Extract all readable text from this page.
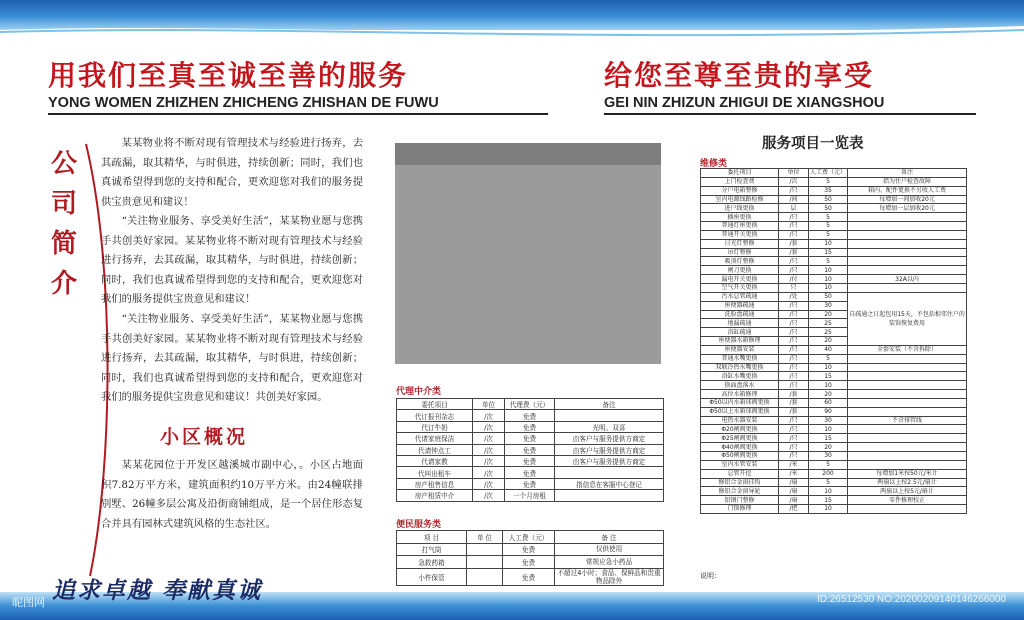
用我们至真至诚至善的服务	给您至尊至贵的享受
YONG WOMEN ZHIZHEN ZHICHENG ZHISHAN DE FUWU	GEI NIN ZHIZUN ZHIGUI DE XIANGSHOU
公
司
简
介
某某物业将不断对现有管理技术与经验进行扬弃，去其疏漏，取其精华，与时俱进，持续创新；同时，我们也真诚希望得到您的支持和配合，更欢迎您对我们的服务提供宝贵意见和建议！
“关注物业服务、享受美好生活”，某某物业愿与您携手共创美好家园。某某物业将不断对现有管理技术与经验进行扬弃，去其疏漏，取其精华，与时俱进，持续创新；同时，我们也真诚希望得到您的支持和配合，更欢迎您对我们的服务提供宝贵意见和建议！
“关注物业服务、享受美好生活”，某某物业愿与您携手共创美好家园。某某物业将不断对现有管理技术与经验进行扬弃，去其疏漏，取其精华，与时俱进，持续创新；同时，我们也真诚希望得到您的支持和配合，更欢迎您对我们的服务提供宝贵意见和建议！共创美好家园。
小区概况
某某花园位于开发区越溪城市副中心，。小区占地面积7.82万平方米，建筑面积约10万平方米。由24幢联排别墅、26幢多层公寓及沿街商铺组成，是一个居住形态复合并具有园林式建筑风格的生态社区。
代理中介类
委托项目	单位	代理费（元）	备注
代订报刊杂志	/次	免费	
代订牛奶	/次	免费	光明、双喜
代请家庭保洁	/次	免费	由客户与服务提供方商定
代请钟点工	/次	免费	由客户与服务提供方商定
代请家教	/次	免费	由客户与服务提供方商定
代叫出租车	/次	免费	
房产租售信息	/次	免费	指信息在客服中心登记
房产租赁中介	/次	一个月房租	
便民服务类
项 目	单 位	人工费（元）	备 注
打气筒		免费	仅供使用
急救药箱		免费	常规应急小药品
小件保管		免费	不超过4小时；食品、保鲜品和贵重物品除外
服务项目一览表
维修类
委托项目	单位	人工费（元）	备注
上门检查费	/次	5	指为住户检查故障
分户电箱整修	/只	35	箱内、配件更换不另收人工费
室内电源线路检修	/间	50	每增加一间加收20元
进户线更换	层	50	每增加一层加收20元
插座更换	/只	5	
普通灯座更换	/只	5	
普通开关更换	/只	5	
日光灯整修	/套	10	
吊灯整修	/套	15	
吸顶灯整修	/只	5	
闸刀更换	/只	10	
漏电开关更换	/付	10	32A以内
空气开关更换	只	10	
污水总管疏通	/处	50	自疏通之日起包用15天，不包括相邻住户的装饰恢复费用
座便器疏通	/只	30	
洗脸盘疏通	/只	20	
地漏疏通	/只	25	
浴缸疏通	/只	25	
座便器水箱修理	/只	20	
座便器安装	/只	40	全套安装（不含拆除）
普通水嘴更换	/只	5	
双联冷热水嘴更换	/只	10	
浴缸水嘴更换	/只	15	
换面盘落水	/只	10	
高位水箱修理	/套	20	
Φ50以内水箱球阀更换	/套	60	
Φ50以上水箱球阀更换	/套	90	
电热水器安装	/只	30	不含排管线
Φ20闸阀更换	/只	10	
Φ25闸阀更换	/只	15	
Φ40闸阀更换	/只	20	
Φ50闸阀更换	/只	30	
室内水管安装	/米	5	
总管开挖	/米	200	每增加1米按50元/米计
修铝合金窗挂钩	/扇	5	两扇以上按2.5元/扇计
修铝合金窗导轮	/扇	10	两扇以上按5元/扇计
铝钢门整修	/扇	15	零件修理校正
门锁修理	/把	10	
说明：
追求卓越 奉献真诚
昵图网	ID:26512530 NO:20200209140146266000
